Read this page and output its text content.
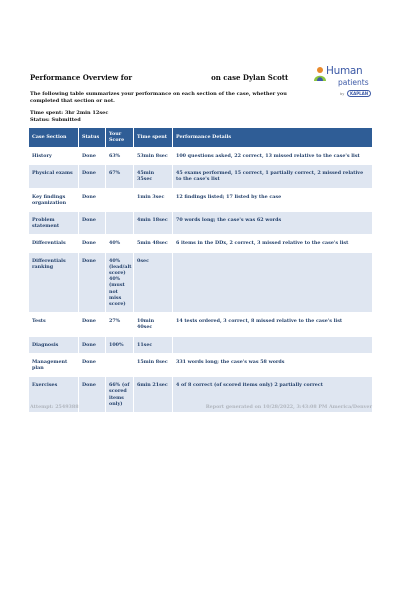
Performance Overview for	on case Dylan Scott
Human
patients
by	KAPLAN
The following table summarizes your performance on each section of the case, whether you completed that section or not.
Time spent: 3hr 2min 12sec
Status: Submitted
Case Section	Status	Your Score	Time spent	Performance Details
History	Done	63%	53min 8sec	100 questions asked, 22 correct, 13 missed relative to the case's list
Physical exams	Done	67%	45min 35sec	45 exams performed, 15 correct, 1 partially correct, 2 missed relative to the case's list
Key findings organization	Done		1min 3sec	12 findings listed; 17 listed by the case
Problem statement	Done		4min 18sec	70 words long; the case's was 62 words
Differentials	Done	40%	5min 48sec	6 items in the DDx, 2 correct, 3 missed relative to the case's list
Differentials ranking	Done	40% (lead/alt score) 40% (must not miss score)	0sec	
Tests	Done	27%	10min 40sec	14 tests ordered, 3 correct, 8 missed relative to the case's list
Diagnosis	Done	100%	11sec	
Management plan	Done		15min 8sec	331 words long; the case's was 58 words
Exercises	Done	66% (of scored items only)	6min 21sec	4 of 8 correct (of scored items only) 2 partially correct
Attempt: 2549388	Report generated on 10/28/2022, 3:43:08 PM America/Denver
